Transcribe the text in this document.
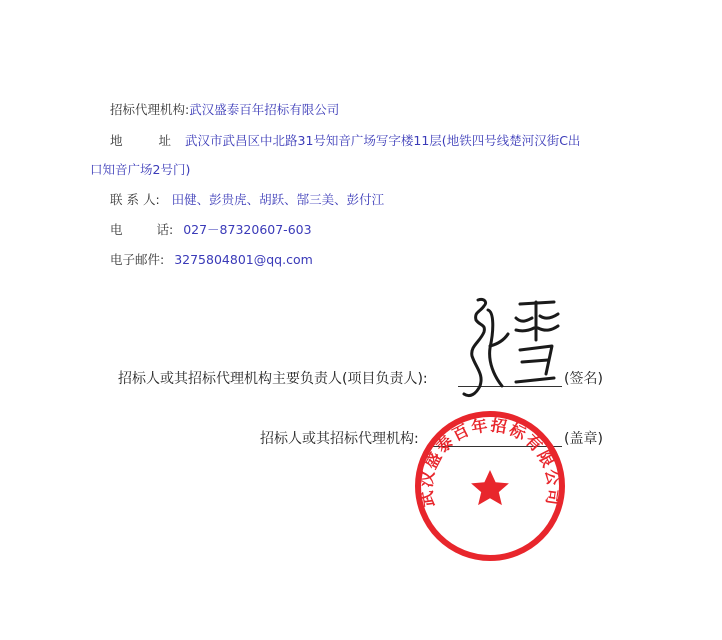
招标代理机构:武汉盛泰百年招标有限公司
地	址 武汉市武昌区中北路31号知音广场写字楼11层(地铁四号线楚河汉街C出
口知音广场2号门)
联 系 人: 田健、彭贵虎、胡跃、郜三美、彭付江
电	话: 027－87320607-603
电子邮件: 3275804801@qq.com
招标人或其招标代理机构主要负责人(项目负责人):	(签名)
招标人或其招标代理机构:	(盖章)
武汉盛泰百年招标有限公司
